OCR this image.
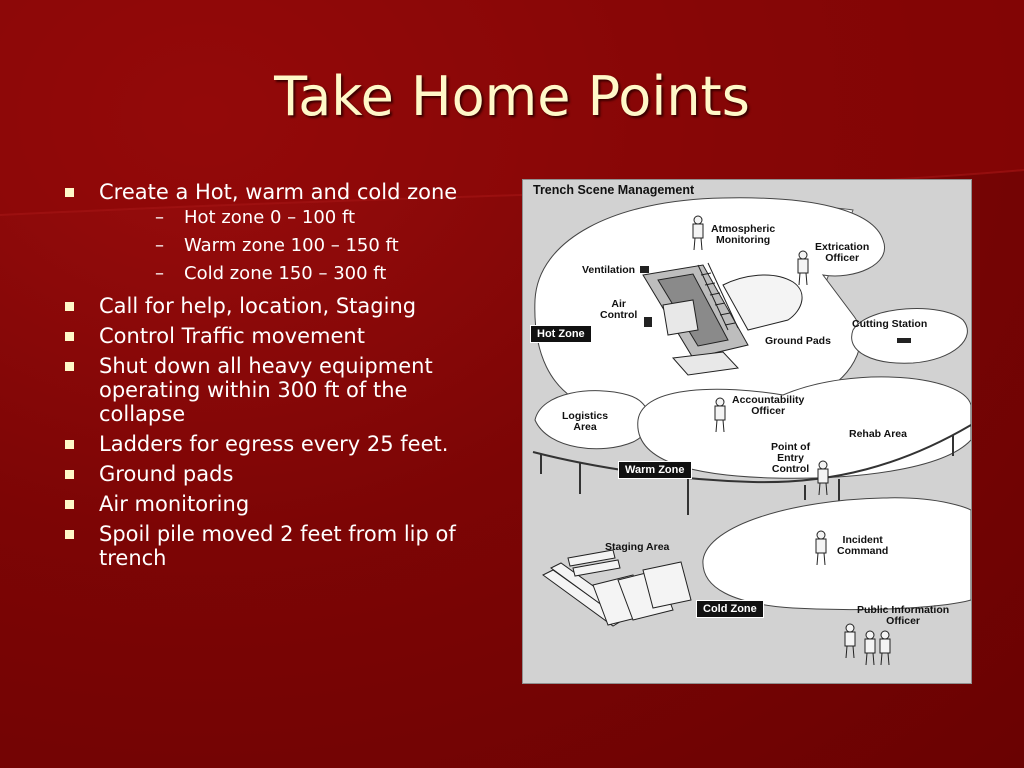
Take Home Points
Create a Hot, warm and cold zone
– Hot zone 0 – 100 ft
– Warm zone 100 – 150 ft
– Cold zone 150 – 300 ft
Call for help, location, Staging
Control Traffic movement
Shut down all heavy equipment operating within 300 ft of the collapse
Ladders for egress every 25 feet.
Ground pads
Air monitoring
Spoil pile moved 2 feet from lip of trench
Trench Scene Management
Atmospheric
Monitoring
Extrication
Officer
Ventilation
Air
Control
Cutting Station
Ground Pads
Accountability
Officer
Logistics
Area
Rehab Area
Point of
Entry
Control
Staging Area
Incident
Command
Public Information
Officer
Hot Zone
Warm Zone
Cold Zone
